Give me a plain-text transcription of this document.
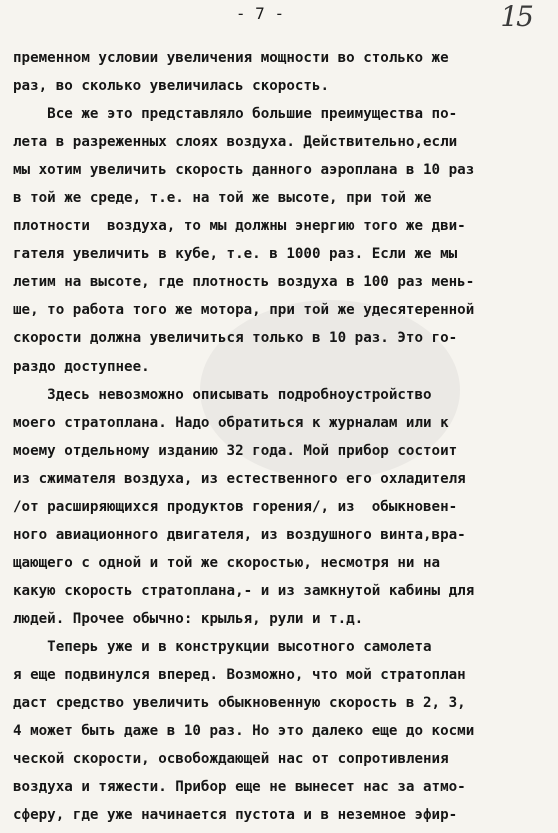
- 7 -	15

пременном условии увеличения мощности во столько же

раз, во сколько увеличилась скорость.

Все же это представляло большие преимущества по-

лета в разреженных слоях воздуха. Действительно,если

мы хотим увеличить скорость данного аэроплана в 10 раз

в той же среде, т.е. на той же высоте, при той же

плотности  воздуха, то мы должны энергию того же дви-

гателя увеличить в кубе, т.е. в 1000 раз. Если же мы

летим на высоте, где плотность воздуха в 100 раз мень-

ше, то работа того же мотора, при той же удесятеренной

скорости должна увеличиться только в 10 раз. Это го-

раздо доступнее.

Здесь невозможно описывать подробноустройство

моего стратоплана. Надо обратиться к журналам или к

моему отдельному изданию 32 года. Мой прибор состоит

из сжимателя воздуха, из естественного его охладителя

/от расширяющихся продуктов горения/, из  обыкновен-

ного авиационного двигателя, из воздушного винта,вра-

щающего с одной и той же скоростью, несмотря ни на

какую скорость стратоплана,- и из замкнутой кабины для

людей. Прочее обычно: крылья, рули и т.д.

Теперь уже и в конструкции высотного самолета

я еще подвинулся вперед. Возможно, что мой стратоплан

даст средство увеличить обыкновенную скорость в 2, 3,

4 может быть даже в 10 раз. Но это далеко еще до косми

ческой скорости, освобождающей нас от сопротивления

воздуха и тяжести. Прибор еще не вынесет нас за атмо-

сферу, где уже начинается пустота и в неземное эфир-
